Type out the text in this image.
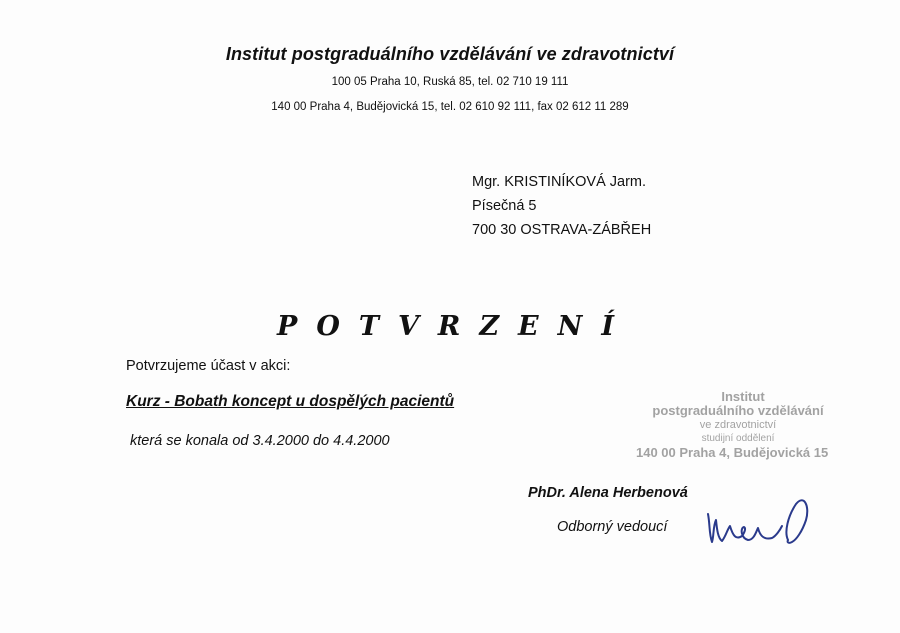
Institut postgraduálního vzdělávání ve zdravotnictví
100 05 Praha 10, Ruská 85, tel. 02 710 19 111
140 00 Praha 4, Budějovická 15, tel. 02 610 92 111, fax 02 612 11 289
Mgr. KRISTINÍKOVÁ Jarm.
Písečná 5
700 30 OSTRAVA-ZÁBŘEH
POTVRZENÍ
Potvrzujeme účast v akci:
Kurz - Bobath koncept u dospělých pacientů
která se konala od 3.4.2000 do 4.4.2000
Institut
postgraduálního vzdělávání
ve zdravotnictví
studijní oddělení
140 00 Praha 4, Budějovická 15
PhDr. Alena Herbenová
Odborný vedoucí
